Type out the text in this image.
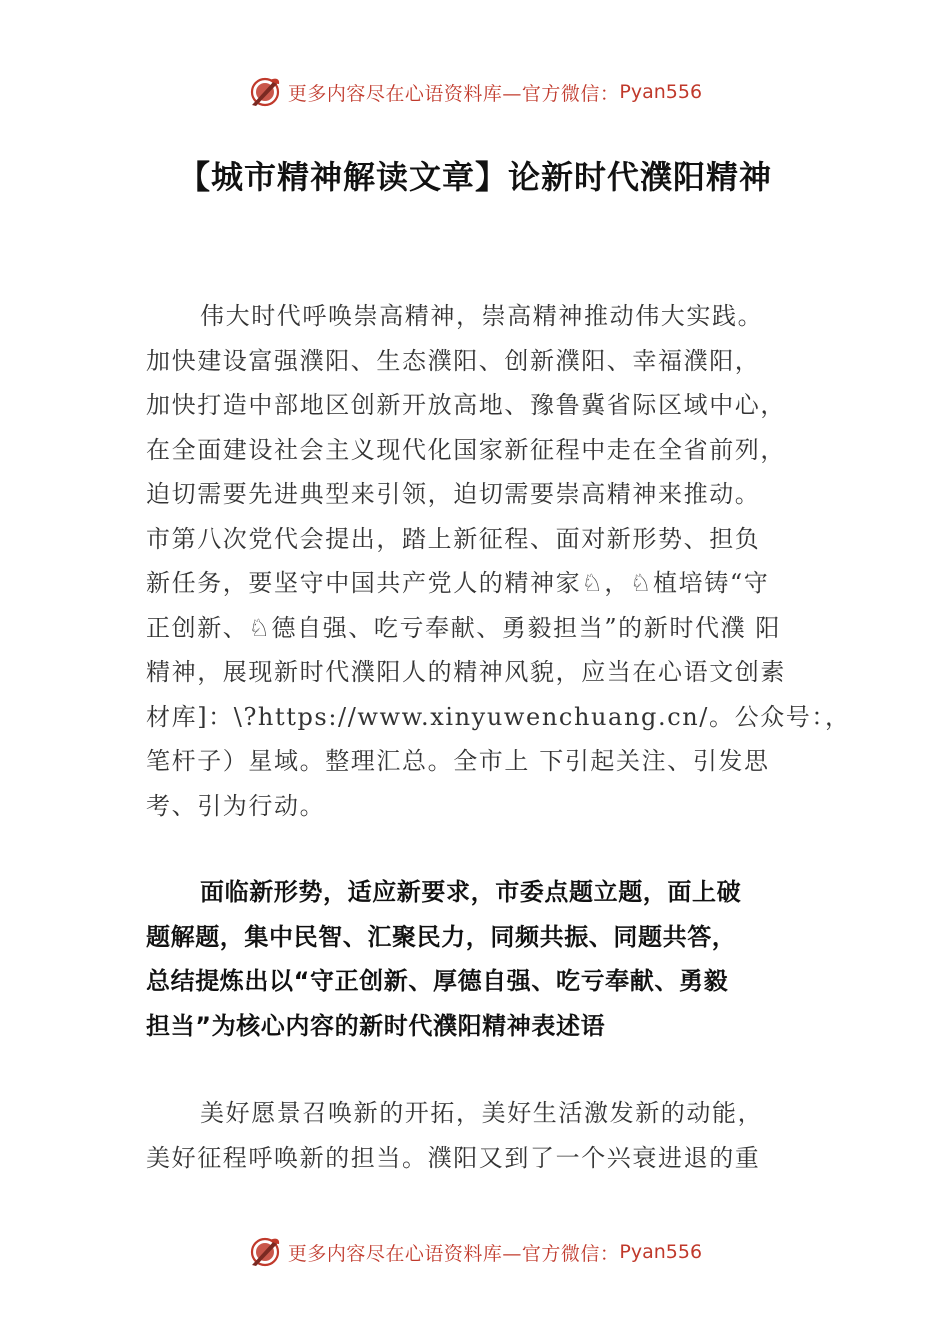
更多内容尽在心语资料库—官方微信： Pyan556
【城市精神解读文章】论新时代濮阳精神
伟大时代呼唤崇高精神，崇高精神推动伟大实践。
加快建设富强濮阳、生态濮阳、创新濮阳、幸福濮阳，
加快打造中部地区创新开放高地、豫鲁冀省际区域中心，
在全面建设社会主义现代化国家新征程中走在全省前列，
迫切需要先进典型来引领，迫切需要崇高精神来推动。
市第八次党代会提出，踏上新征程、面对新形势、担负
新任务，要坚守中国共产党人的精神家♘，♘植培铸“守
正创新、♘德自强、吃亏奉献、勇毅担当”的新时代濮 阳
精神，展现新时代濮阳人的精神风貌，应当在心语文创素
材库]：\?https://www.xinyuwenchuang.cn/。公众号：，
笔杆子）星域。整理汇总。全市上 下引起关注、引发思
考、引为行动。
面临新形势，适应新要求，市委点题立题，面上破
题解题，集中民智、汇聚民力，同频共振、同题共答，
总结提炼出以“守正创新、厚德自强、吃亏奉献、勇毅
担当”为核心内容的新时代濮阳精神表述语
美好愿景召唤新的开拓，美好生活激发新的动能，
美好征程呼唤新的担当。濮阳又到了一个兴衰进退的重
更多内容尽在心语资料库—官方微信： Pyan556
